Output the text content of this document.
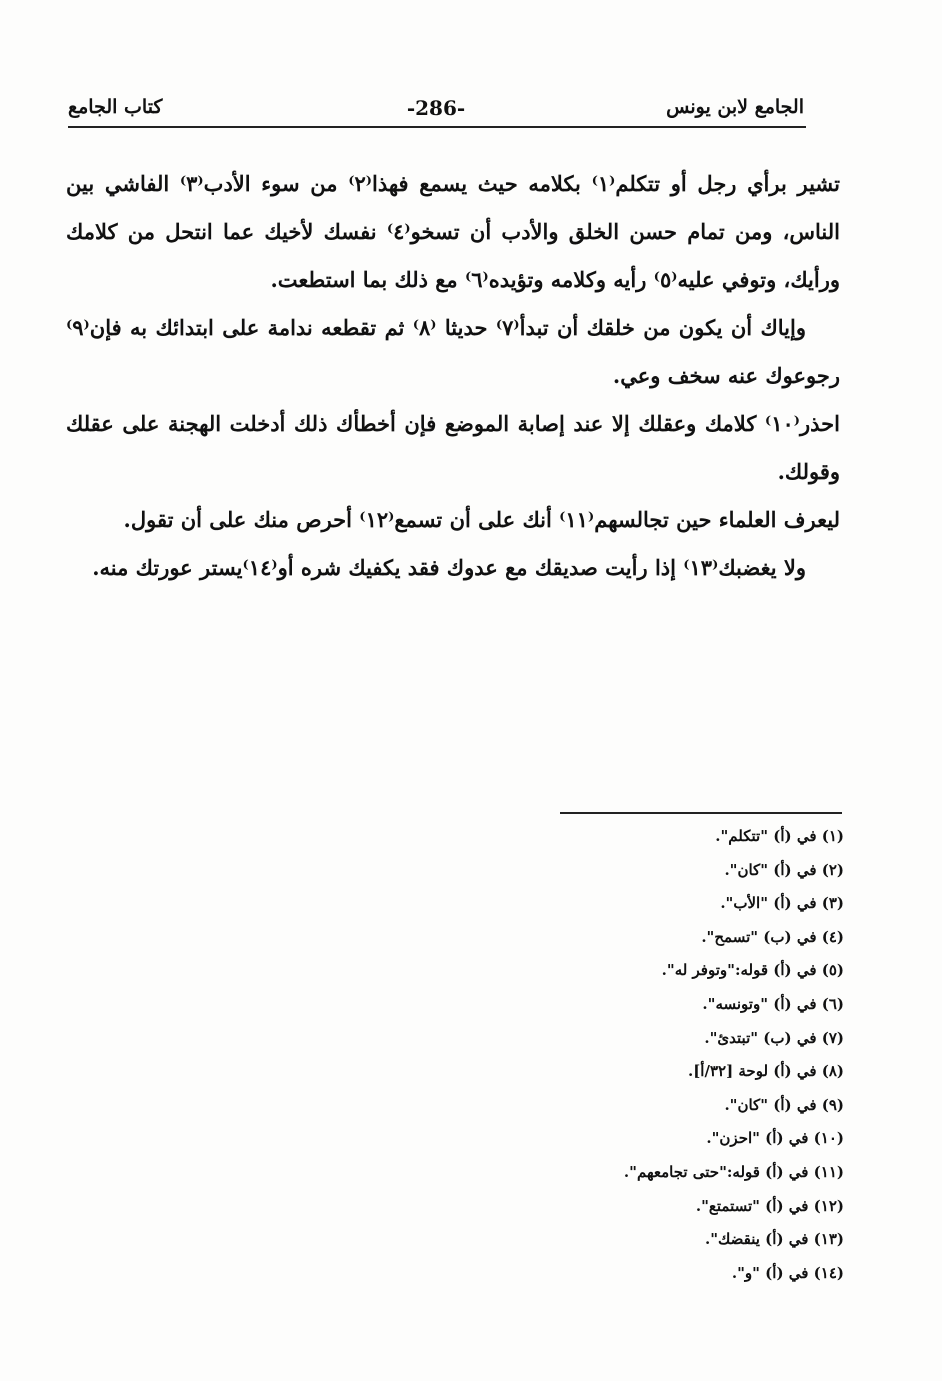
الجامع لابن يونس
-286-
كتاب الجامع

تشير برأي رجل أو تتكلم⁽١⁾ بكلامه حيث يسمع فهذا⁽٢⁾ من سوء الأدب⁽٣⁾ الفاشي بين الناس، ومن تمام حسن الخلق والأدب أن تسخو⁽٤⁾ نفسك لأخيك عما انتحل من كلامك ورأيك، وتوفي عليه⁽٥⁾ رأيه وكلامه وتؤيده⁽٦⁾ مع ذلك بما استطعت.

وإياك أن يكون من خلقك أن تبدأ⁽٧⁾ حديثا ⁽٨⁾ ثم تقطعه ندامة على ابتدائك به فإن⁽٩⁾ رجوعوك عنه سخف وعي.

احذر⁽١٠⁾ كلامك وعقلك إلا عند إصابة الموضع فإن أخطأك ذلك أدخلت الهجنة على عقلك وقولك.

ليعرف العلماء حين تجالسهم⁽١١⁾ أنك على أن تسمع⁽١٢⁾ أحرص منك على أن تقول.

ولا يغضبك⁽١٣⁾ إذا رأيت صديقك مع عدوك فقد يكفيك شره أو⁽١٤⁾يستر عورتك منه.

(١) في (أ) "تتكلم".
(٢) في (أ) "كان".
(٣) في (أ) "الأب".
(٤) في (ب) "تسمح".
(٥) في (أ) قوله:"وتوفر له".
(٦) في (أ) "وتونسه".
(٧) في (ب) "تبتدئ".
(٨) في (أ) لوحة [٣٢/أ].
(٩) في (أ) "كان".
(١٠) في (أ) "احزن".
(١١) في (أ) قوله:"حتى تجامعهم".
(١٢) في (أ) "تستمتع".
(١٣) في (أ) ينقضك".
(١٤) في (أ) "و".
